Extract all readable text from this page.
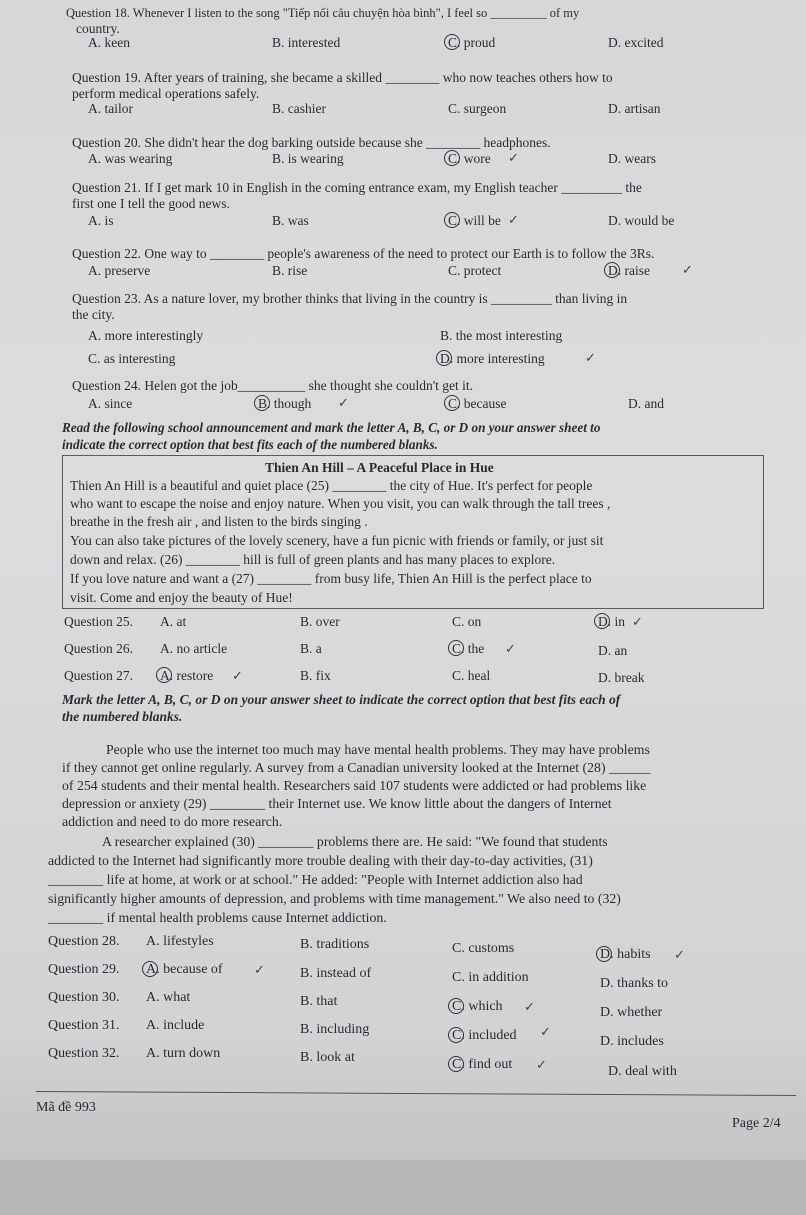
Question 18. Whenever I listen to the song "Tiếp nối câu chuyện hòa bình", I feel so _________ of my
country.
A. keen	B. interested	C. proud	D. excited
Question 19. After years of training, she became a skilled ________ who now teaches others how to
perform medical operations safely.
A. tailor	B. cashier	C. surgeon	D. artisan
Question 20. She didn't hear the dog barking outside because she ________ headphones.
A. was wearing	B. is wearing	C. wore	D. wears
✓
Question 21. If I get mark 10 in English in the coming entrance exam, my English teacher _________ the
first one I tell the good news.
A. is	B. was	C. will be	D. would be
✓
Question 22. One way to ________ people's awareness of the need to protect our Earth is to follow the 3Rs.
A. preserve	B. rise	C. protect	D. raise ✓
Question 23. As a nature lover, my brother thinks that living in the country is _________ than living in
the city.
A. more interestingly	B. the most interesting
C. as interesting	D. more interesting	✓
Question 24. Helen got the job__________ she thought she couldn't get it.
A. since	B. though	C. because	D. and
✓
Read the following school announcement and mark the letter A, B, C, or D on your answer sheet to
indicate the correct option that best fits each of the numbered blanks.
Thien An Hill – A Peaceful Place in Hue
Thien An Hill is a beautiful and quiet place (25) ________ the city of Hue. It's perfect for people
who want to escape the noise and enjoy nature. When you visit, you can walk through the tall trees ,
breathe in the fresh air , and listen to the birds singing .
You can also take pictures of the lovely scenery, have a fun picnic with friends or family, or just sit
down and relax. (26) ________ hill is full of green plants and has many places to explore.
If you love nature and want a (27) ________ from busy life, Thien An Hill is the perfect place to
visit. Come and enjoy the beauty of Hue!
Question 25. A. at	B. over	C. on	D. in ✓
Question 26. A. no article	B. a	C. the	D. an
✓
Question 27. A. restore	B. fix	C. heal	D. break
✓
Mark the letter A, B, C, or D on your answer sheet to indicate the correct option that best fits each of
the numbered blanks.
People who use the internet too much may have mental health problems. They may have problems
if they cannot get online regularly. A survey from a Canadian university looked at the Internet (28) ______
of 254 students and their mental health. Researchers said 107 students were addicted or had problems like
depression or anxiety (29) ________ their Internet use. We know little about the dangers of Internet
addiction and need to do more research.
A researcher explained (30) ________ problems there are. He said: "We found that students
addicted to the Internet had significantly more trouble dealing with their day-to-day activities, (31)
________ life at home, at work or at school." He added: "People with Internet addiction also had
significantly higher amounts of depression, and problems with time management." We also need to (32)
________ if mental health problems cause Internet addiction.
Question 28. A. lifestyles	B. traditions	C. customs	D. habits ✓
Question 29. A. because of	B. instead of	C. in addition	D. thanks to
✓
Question 30. A. what	B. that	C. which	D. whether
✓
Question 31. A. include	B. including	C. included	D. includes
✓
Question 32. A. turn down	B. look at	C. find out	D. deal with
✓
Mã đề 993
Page 2/4
